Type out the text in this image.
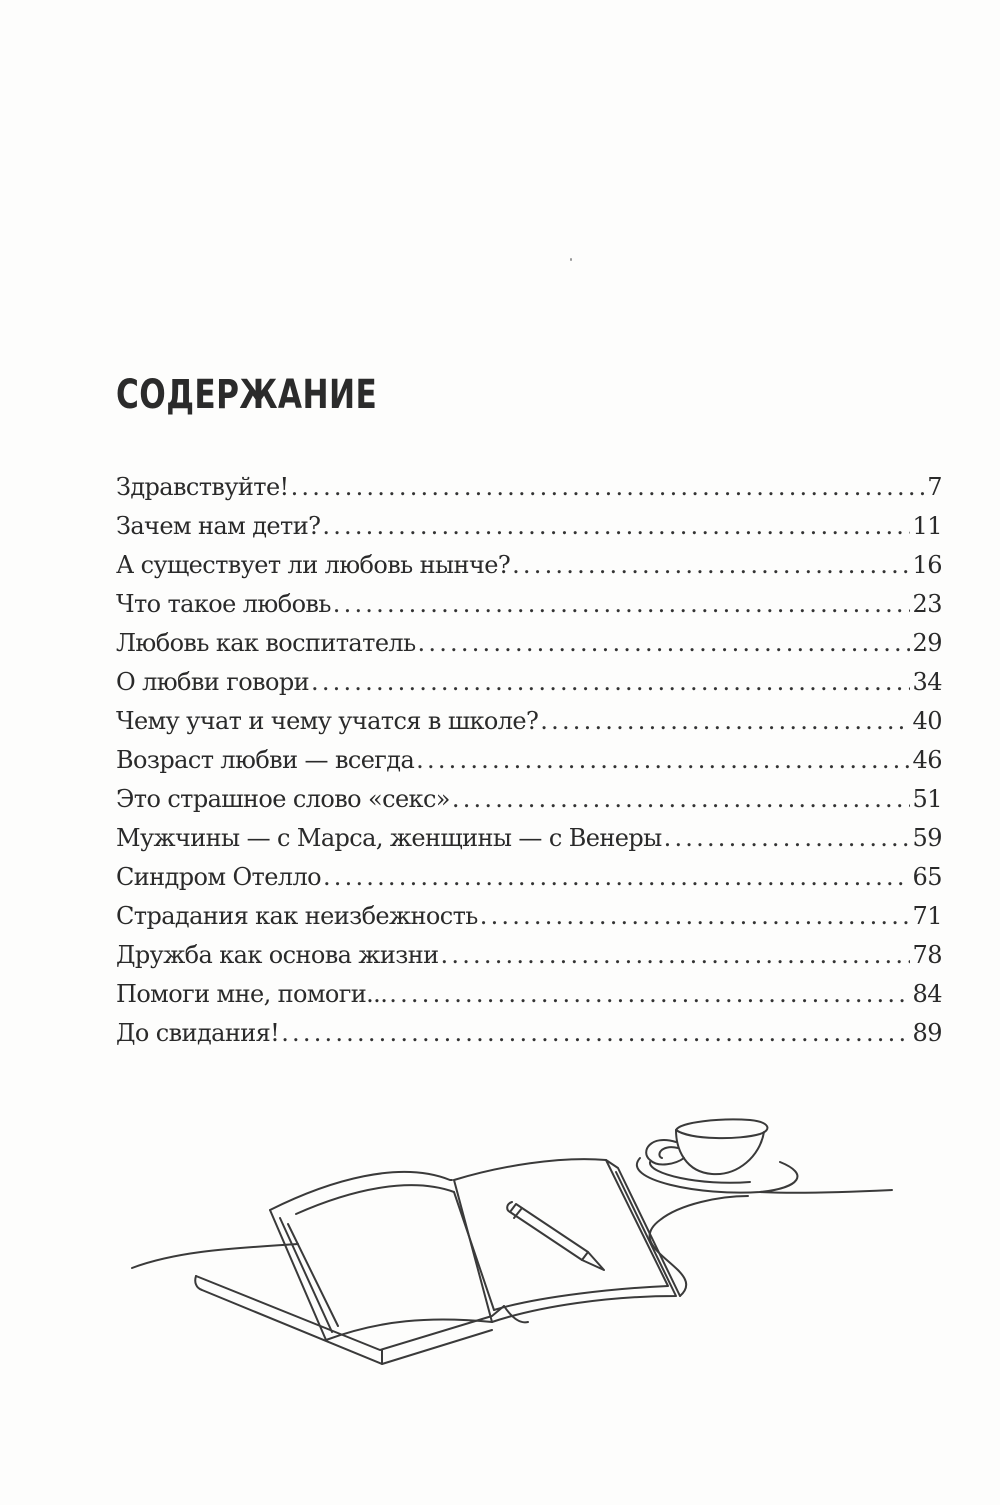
СОДЕРЖАНИЕ
Здравствуйте! .....	7
Зачем нам дети? .....	11
А существует ли любовь нынче? .....	16
Что такое любовь .....	23
Любовь как воспитатель .....	29
О любви говори .....	34
Чему учат и чему учатся в школе? .....	40
Возраст любви — всегда .....	46
Это страшное слово «секс» .....	51
Мужчины — с Марса, женщины — с Венеры .....	59
Синдром Отелло .....	65
Страдания как неизбежность .....	71
Дружба как основа жизни .....	78
Помоги мне, помоги... .....	84
До свидания! .....	89
